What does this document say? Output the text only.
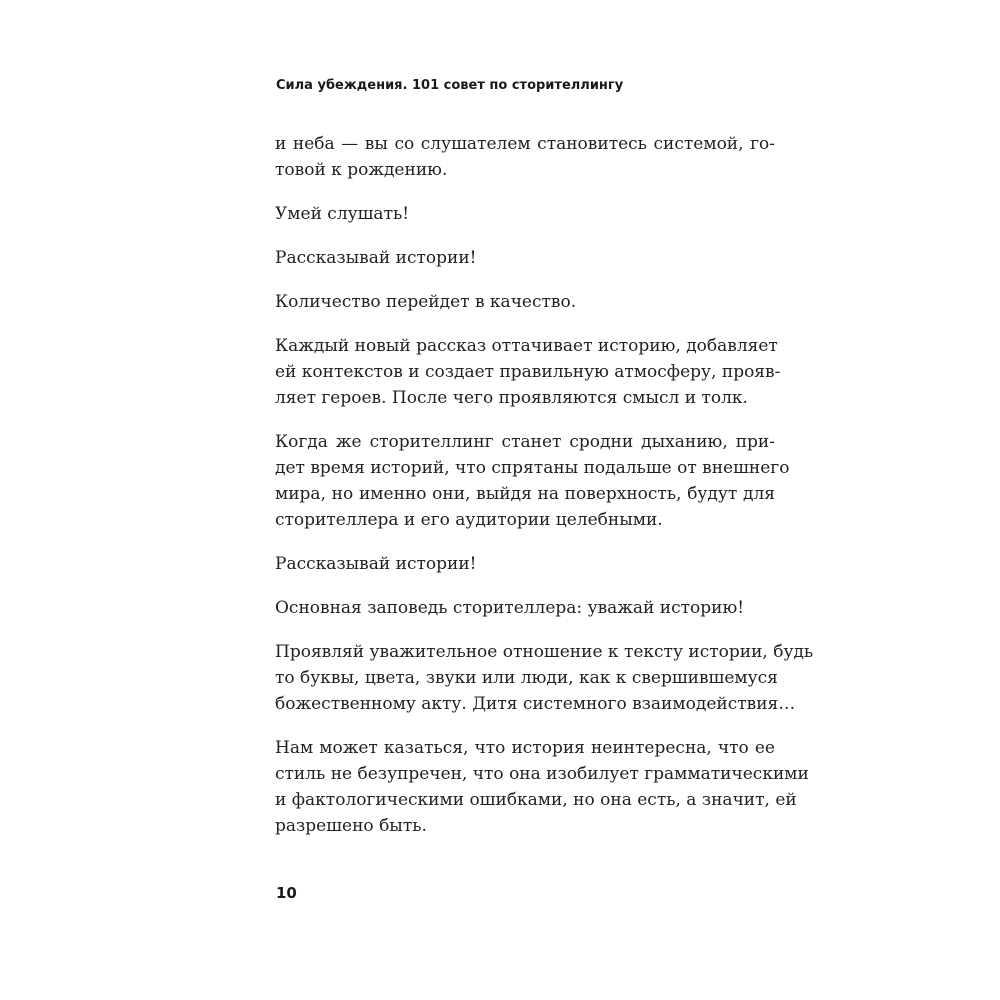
Сила убеждения. 101 совет по сторителлингу

и неба — вы со слушателем становитесь системой, го-
товой к рождению.

Умей слушать!

Рассказывай истории!

Количество перейдет в качество.

Каждый новый рассказ оттачивает историю, добавляет
ей контекстов и создает правильную атмосферу, прояв-
ляет героев. После чего проявляются смысл и толк.

Когда же сторителлинг станет сродни дыханию, при-
дет время историй, что спрятаны подальше от внешнего
мира, но именно они, выйдя на поверхность, будут для
сторителлера и его аудитории целебными.

Рассказывай истории!

Основная заповедь сторителлера: уважай историю!

Проявляй уважительное отношение к тексту истории, будь
то буквы, цвета, звуки или люди, как к свершившемуся
божественному акту. Дитя системного взаимодействия…

Нам может казаться, что история неинтересна, что ее
стиль не безупречен, что она изобилует грамматическими
и фактологическими ошибками, но она есть, а значит, ей
разрешено быть.

10
